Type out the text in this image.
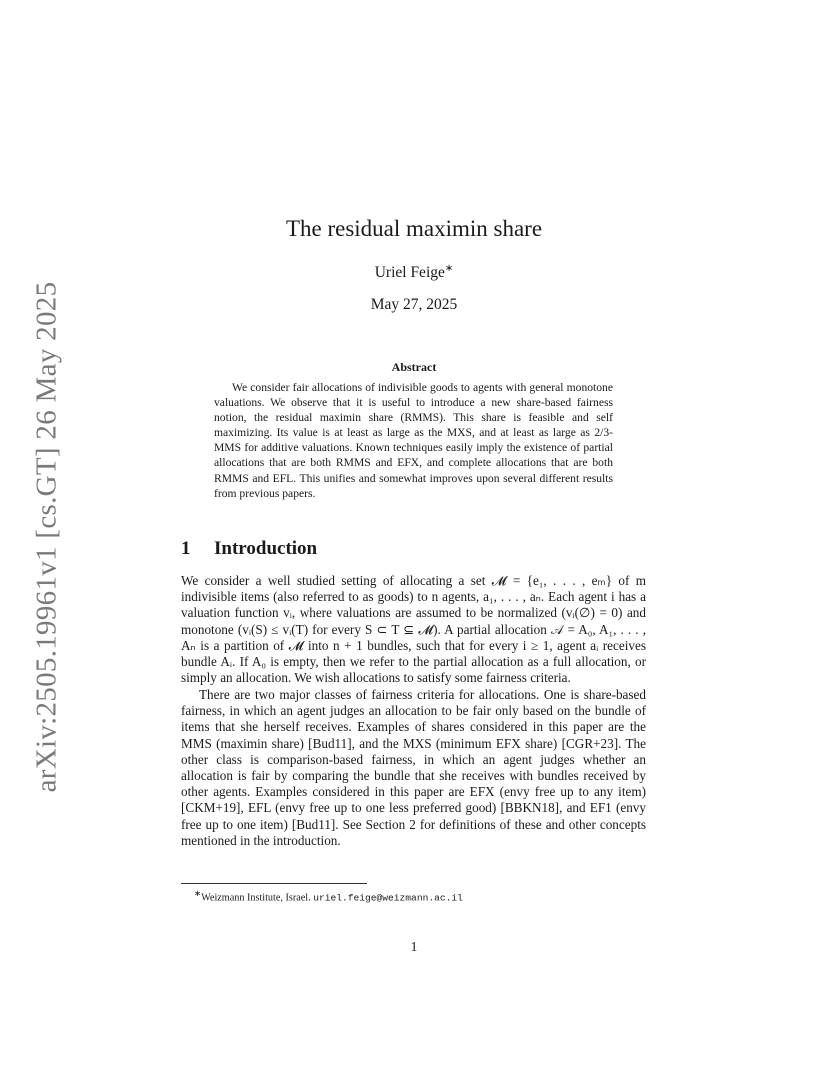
arXiv:2505.19961v1 [cs.GT] 26 May 2025
The residual maximin share
Uriel Feige∗
May 27, 2025
Abstract

We consider fair allocations of indivisible goods to agents with general monotone valuations. We observe that it is useful to introduce a new share-based fairness notion, the residual maximin share (RMMS). This share is feasible and self maximizing. Its value is at least as large as the MXS, and at least as large as 2/3-MMS for additive valuations. Known techniques easily imply the existence of partial allocations that are both RMMS and EFX, and complete allocations that are both RMMS and EFL. This unifies and somewhat improves upon several different results from previous papers.

1 Introduction

We consider a well studied setting of allocating a set 𝓜 = {e₁, . . . , eₘ} of m indivisible items (also referred to as goods) to n agents, a₁, . . . , aₙ. Each agent i has a valuation function vᵢ, where valuations are assumed to be normalized (vᵢ(∅) = 0) and monotone (vᵢ(S) ≤ vᵢ(T) for every S ⊂ T ⊆ 𝓜). A partial allocation 𝒜 = A₀, A₁, . . . , Aₙ is a partition of 𝓜 into n + 1 bundles, such that for every i ≥ 1, agent aᵢ receives bundle Aᵢ. If A₀ is empty, then we refer to the partial allocation as a full allocation, or simply an allocation. We wish allocations to satisfy some fairness criteria.

There are two major classes of fairness criteria for allocations. One is share-based fairness, in which an agent judges an allocation to be fair only based on the bundle of items that she herself receives. Examples of shares considered in this paper are the MMS (maximin share) [Bud11], and the MXS (minimum EFX share) [CGR+23]. The other class is comparison-based fairness, in which an agent judges whether an allocation is fair by comparing the bundle that she receives with bundles received by other agents. Examples considered in this paper are EFX (envy free up to any item) [CKM+19], EFL (envy free up to one less preferred good) [BBKN18], and EF1 (envy free up to one item) [Bud11]. See Section 2 for definitions of these and other concepts mentioned in the introduction.

∗Weizmann Institute, Israel. uriel.feige@weizmann.ac.il
1
